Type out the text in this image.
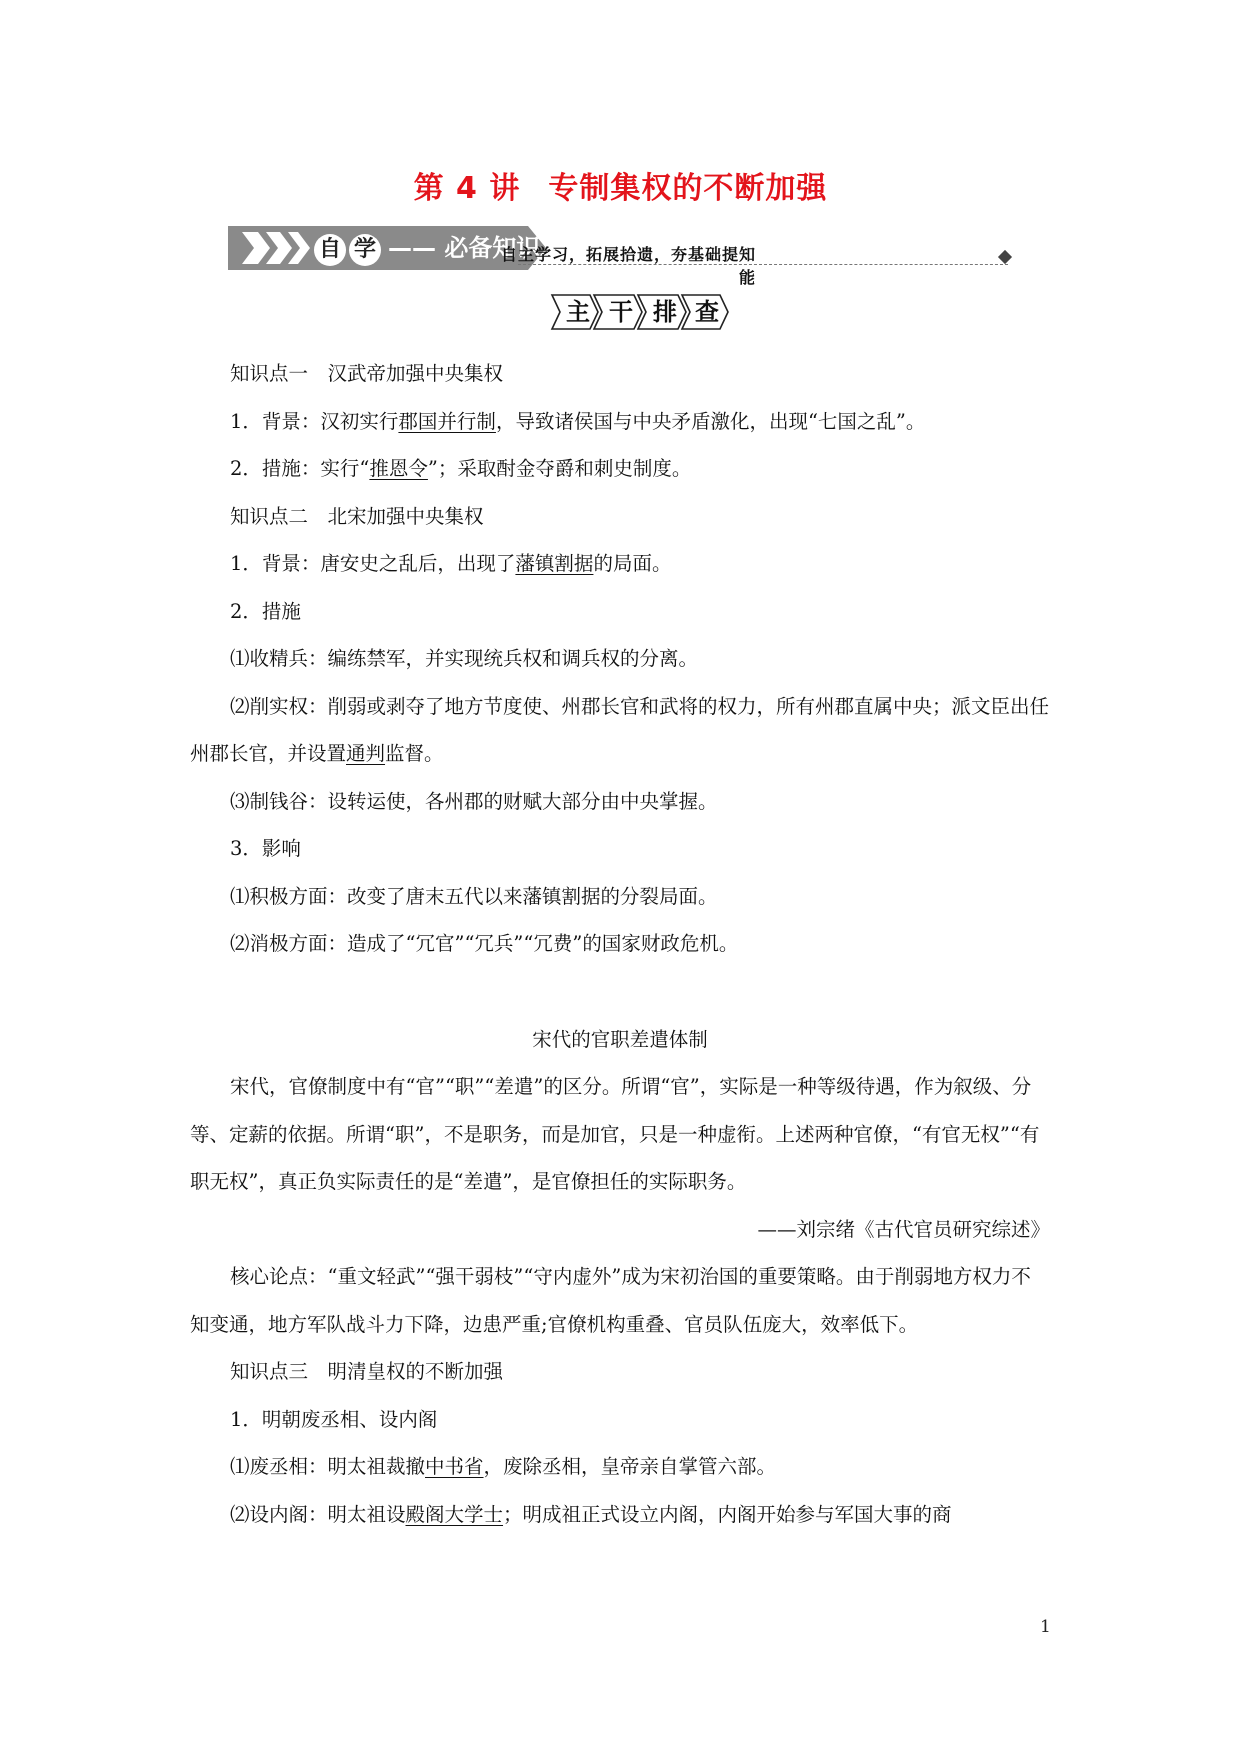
第 4 讲 专制集权的不断加强
自 学 —— 必备知识
自主学习，拓展拾遗，夯基础提知能
主 干 排 查

知识点一　汉武帝加强中央集权

1．背景：汉初实行郡国并行制，导致诸侯国与中央矛盾激化，出现“七国之乱”。

2．措施：实行“推恩令”；采取酎金夺爵和刺史制度。

知识点二　北宋加强中央集权

1．背景：唐安史之乱后，出现了藩镇割据的局面。

2．措施

⑴收精兵：编练禁军，并实现统兵权和调兵权的分离。

⑵削实权：削弱或剥夺了地方节度使、州郡长官和武将的权力，所有州郡直属中央；派文臣出任州郡长官，并设置通判监督。

⑶制钱谷：设转运使，各州郡的财赋大部分由中央掌握。

3．影响

⑴积极方面：改变了唐末五代以来藩镇割据的分裂局面。

⑵消极方面：造成了“冗官”“冗兵”“冗费”的国家财政危机。

宋代的官职差遣体制

宋代，官僚制度中有“官”“职”“差遣”的区分。所谓“官”，实际是一种等级待遇，作为叙级、分等、定薪的依据。所谓“职”，不是职务，而是加官，只是一种虚衔。上述两种官僚，“有官无权”“有职无权”，真正负实际责任的是“差遣”，是官僚担任的实际职务。

——刘宗绪《古代官员研究综述》

核心论点：“重文轻武”“强干弱枝”“守内虚外”成为宋初治国的重要策略。由于削弱地方权力不知变通，地方军队战斗力下降，边患严重;官僚机构重叠、官员队伍庞大，效率低下。

知识点三　明清皇权的不断加强

1．明朝废丞相、设内阁

⑴废丞相：明太祖裁撤中书省，废除丞相，皇帝亲自掌管六部。

⑵设内阁：明太祖设殿阁大学士；明成祖正式设立内阁，内阁开始参与军国大事的商

1
